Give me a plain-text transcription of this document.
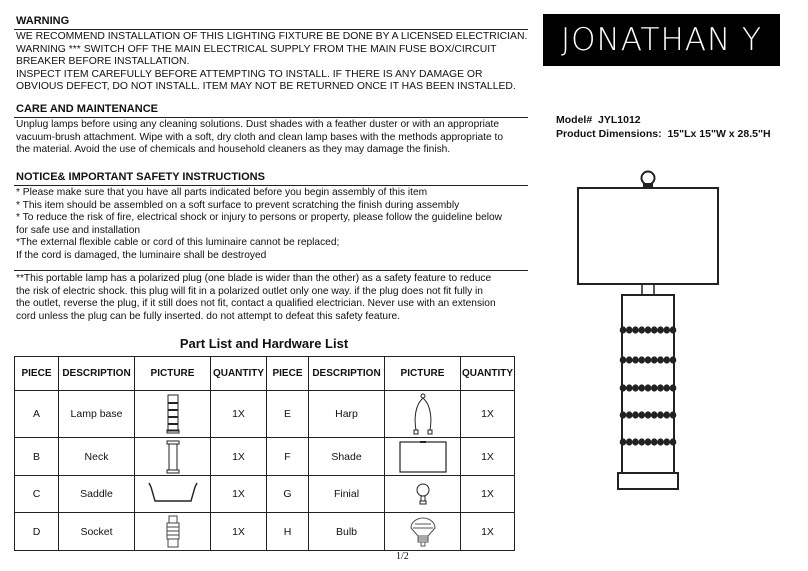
WARNING
WE RECOMMEND INSTALLATION OF THIS LIGHTING FIXTURE BE DONE BY A LICENSED ELECTRICIAN.
WARNING *** SWITCH OFF THE MAIN ELECTRICAL SUPPLY FROM THE MAIN FUSE BOX/CIRCUIT
BREAKER BEFORE INSTALLATION.
INSPECT ITEM CAREFULLY BEFORE ATTEMPTING TO INSTALL. IF THERE IS ANY DAMAGE OR
OBVIOUS DEFECT, DO NOT INSTALL. ITEM MAY NOT BE RETURNED ONCE IT HAS BEEN INSTALLED.
CARE AND MAINTENANCE
Unplug lamps before using any cleaning solutions. Dust shades with a feather duster or with an appropriate
vacuum-brush attachment. Wipe with a soft, dry cloth and clean lamp bases with the methods appropriate to
the material. Avoid the use of chemicals and household cleaners as they may damage the finish.
NOTICE& IMPORTANT SAFETY INSTRUCTIONS
* Please make sure that you have all parts indicated before you begin assembly of this item
* This item should be assembled on a soft surface to prevent scratching the finish during assembly
* To reduce the risk of fire, electrical shock or injury to persons or property, please follow the guideline below
for safe use and installation
*The external flexible cable or cord of this luminaire cannot be replaced;
If the cord is damaged, the luminaire shall be destroyed
**This portable lamp has a polarized plug (one blade is wider than the other) as a safety feature to reduce
the risk of electric shock. this plug will fit in a polarized outlet only one way. if the plug does not fit fully in
the outlet, reverse the plug, if it still does not fit, contact a qualified electrician. Never use with an extension
cord unless the plug can be fully inserted. do not attempt to defeat this safety feature.
JONATHAN Y
Model# JYL1012
Product Dimensions: 15"Lx 15"W x 28.5"H
Part List and Hardware List
PIECE	DESCRIPTION	PICTURE	QUANTITY	PIECE	DESCRIPTION	PICTURE	QUANTITY
A	Lamp base		1X	E	Harp		1X
B	Neck		1X	F	Shade		1X
C	Saddle		1X	G	Finial		1X
D	Socket		1X	H	Bulb		1X
1/2
